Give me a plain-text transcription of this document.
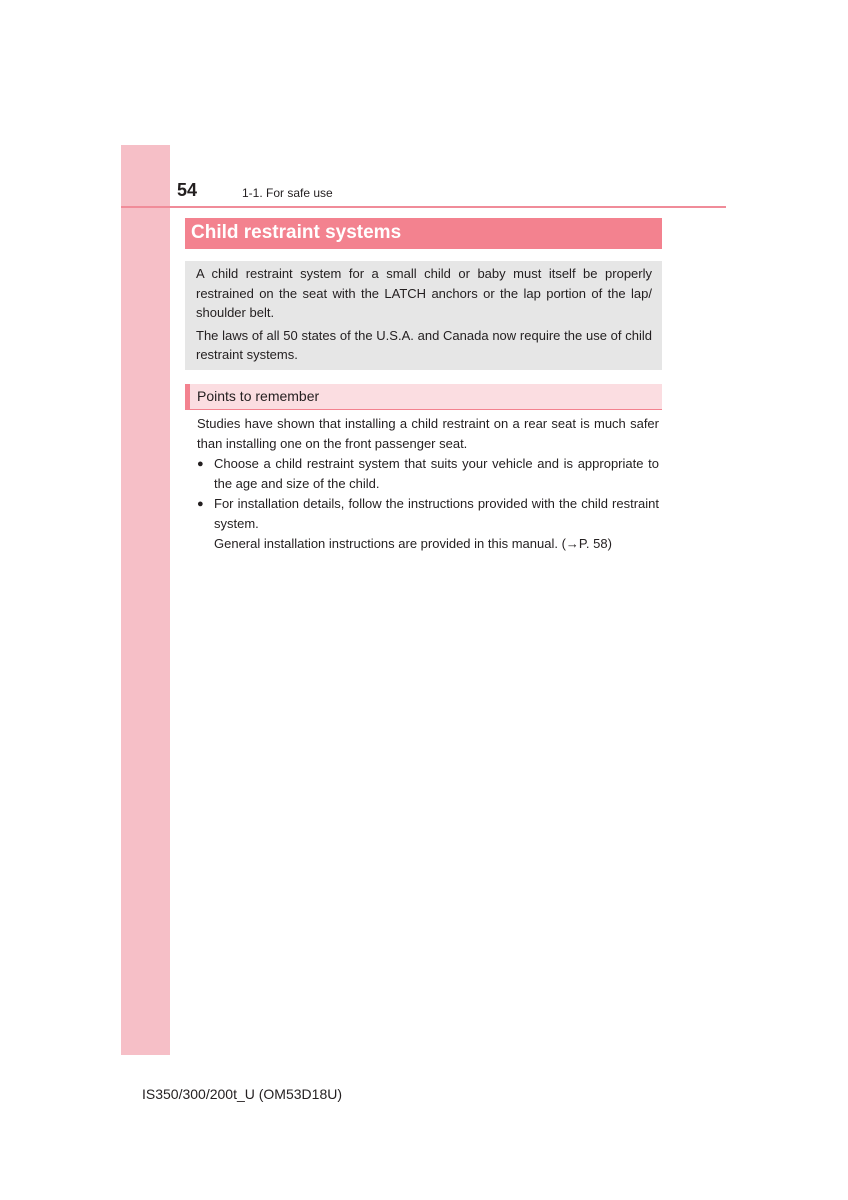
54	1-1. For safe use
Child restraint systems

A child restraint system for a small child or baby must itself be properly restrained on the seat with the LATCH anchors or the lap portion of the lap/ shoulder belt.

The laws of all 50 states of the U.S.A. and Canada now require the use of child restraint systems.

Points to remember

Studies have shown that installing a child restraint on a rear seat is much safer than installing one on the front passenger seat.

● Choose a child restraint system that suits your vehicle and is appropriate to the age and size of the child.
● For installation details, follow the instructions provided with the child restraint system.
General installation instructions are provided in this manual. (→P. 58)
IS350/300/200t_U (OM53D18U)
